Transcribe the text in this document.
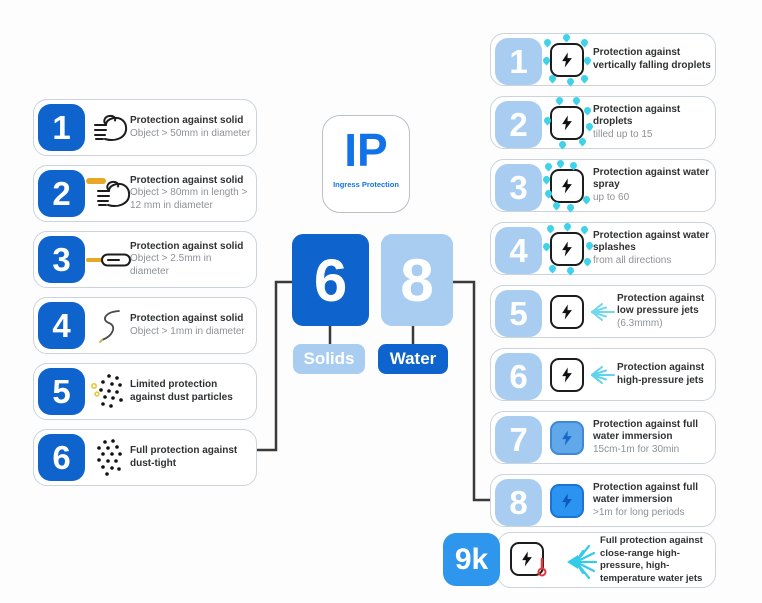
IP
Ingress Protection
6 8
Solids	Water
1	Protection against solid
Object > 50mm in diameter
2	Protection against solid
Object > 80mm in length > 12 mm in diameter
3	Protection against solid
Object > 2.5mm in diameter
4	Protection against solid
Object > 1mm in diameter
5	Limited protection against dust particles
6	Full protection against dust-tight
1	Protection against vertically falling droplets
2	Protection against droplets
tilled up to 15
3	Protection against water spray
up to 60
4	Protection against water splashes
from all directions
5	Protection against low pressure jets
(6.3mmm)
6	Protection against high-pressure jets
7	Protection against full water immersion
15cm-1m for 30min
8	Protection against full water immersion
>1m for long periods
9k
Full protection against close-range high-pressure, high-temperature water jets
